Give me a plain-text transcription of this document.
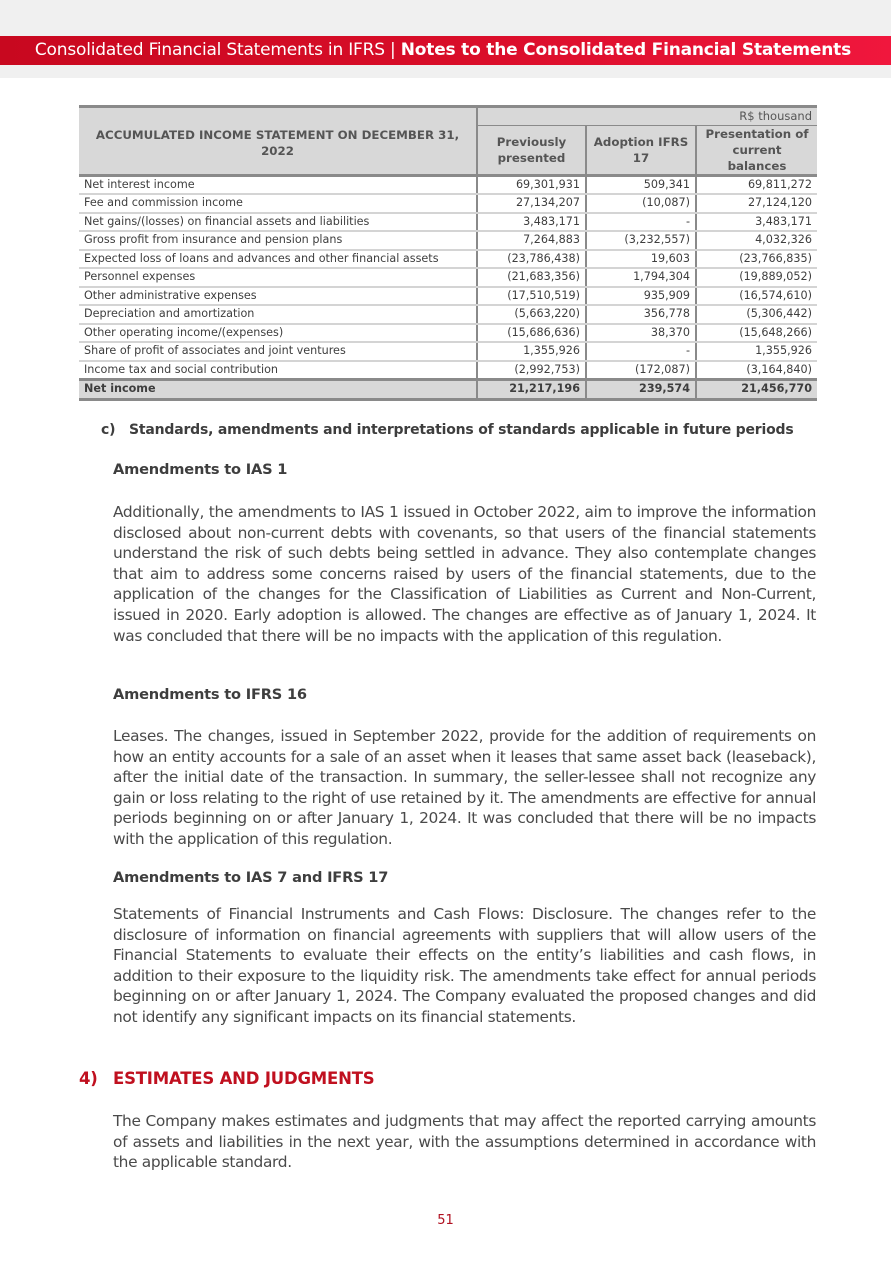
Consolidated Financial Statements in IFRS | Notes to the Consolidated Financial Statements
	R$ thousand		
ACCUMULATED INCOME STATEMENT ON DECEMBER 31, 2022	Previously presented	Adoption IFRS 17	Presentation of current balances
Net interest income	69,301,931	509,341	69,811,272
Fee and commission income	27,134,207	(10,087)	27,124,120
Net gains/(losses) on financial assets and liabilities	3,483,171	-	3,483,171
Gross profit from insurance and pension plans	7,264,883	(3,232,557)	4,032,326
Expected loss of loans and advances and other financial assets	(23,786,438)	19,603	(23,766,835)
Personnel expenses	(21,683,356)	1,794,304	(19,889,052)
Other administrative expenses	(17,510,519)	935,909	(16,574,610)
Depreciation and amortization	(5,663,220)	356,778	(5,306,442)
Other operating income/(expenses)	(15,686,636)	38,370	(15,648,266)
Share of profit of associates and joint ventures	1,355,926	-	1,355,926
Income tax and social contribution	(2,992,753)	(172,087)	(3,164,840)
Net income	21,217,196	239,574	21,456,770
c) Standards, amendments and interpretations of standards applicable in future periods
Amendments to IAS 1
Additionally, the amendments to IAS 1 issued in October 2022, aim to improve the information disclosed about non-current debts with covenants, so that users of the financial statements understand the risk of such debts being settled in advance. They also contemplate changes that aim to address some concerns raised by users of the financial statements, due to the application of the changes for the Classification of Liabilities as Current and Non-Current, issued in 2020. Early adoption is allowed. The changes are effective as of January 1, 2024. It was concluded that there will be no impacts with the application of this regulation.
Amendments to IFRS 16
Leases. The changes, issued in September 2022, provide for the addition of requirements on how an entity accounts for a sale of an asset when it leases that same asset back (leaseback), after the initial date of the transaction. In summary, the seller-lessee shall not recognize any gain or loss relating to the right of use retained by it. The amendments are effective for annual periods beginning on or after January 1, 2024. It was concluded that there will be no impacts with the application of this regulation.
Amendments to IAS 7 and IFRS 17
Statements of Financial Instruments and Cash Flows: Disclosure. The changes refer to the disclosure of information on financial agreements with suppliers that will allow users of the Financial Statements to evaluate their effects on the entity’s liabilities and cash flows, in addition to their exposure to the liquidity risk. The amendments take effect for annual periods beginning on or after January 1, 2024. The Company evaluated the proposed changes and did not identify any significant impacts on its financial statements.
4) ESTIMATES AND JUDGMENTS
The Company makes estimates and judgments that may affect the reported carrying amounts of assets and liabilities in the next year, with the assumptions determined in accordance with the applicable standard.
51
